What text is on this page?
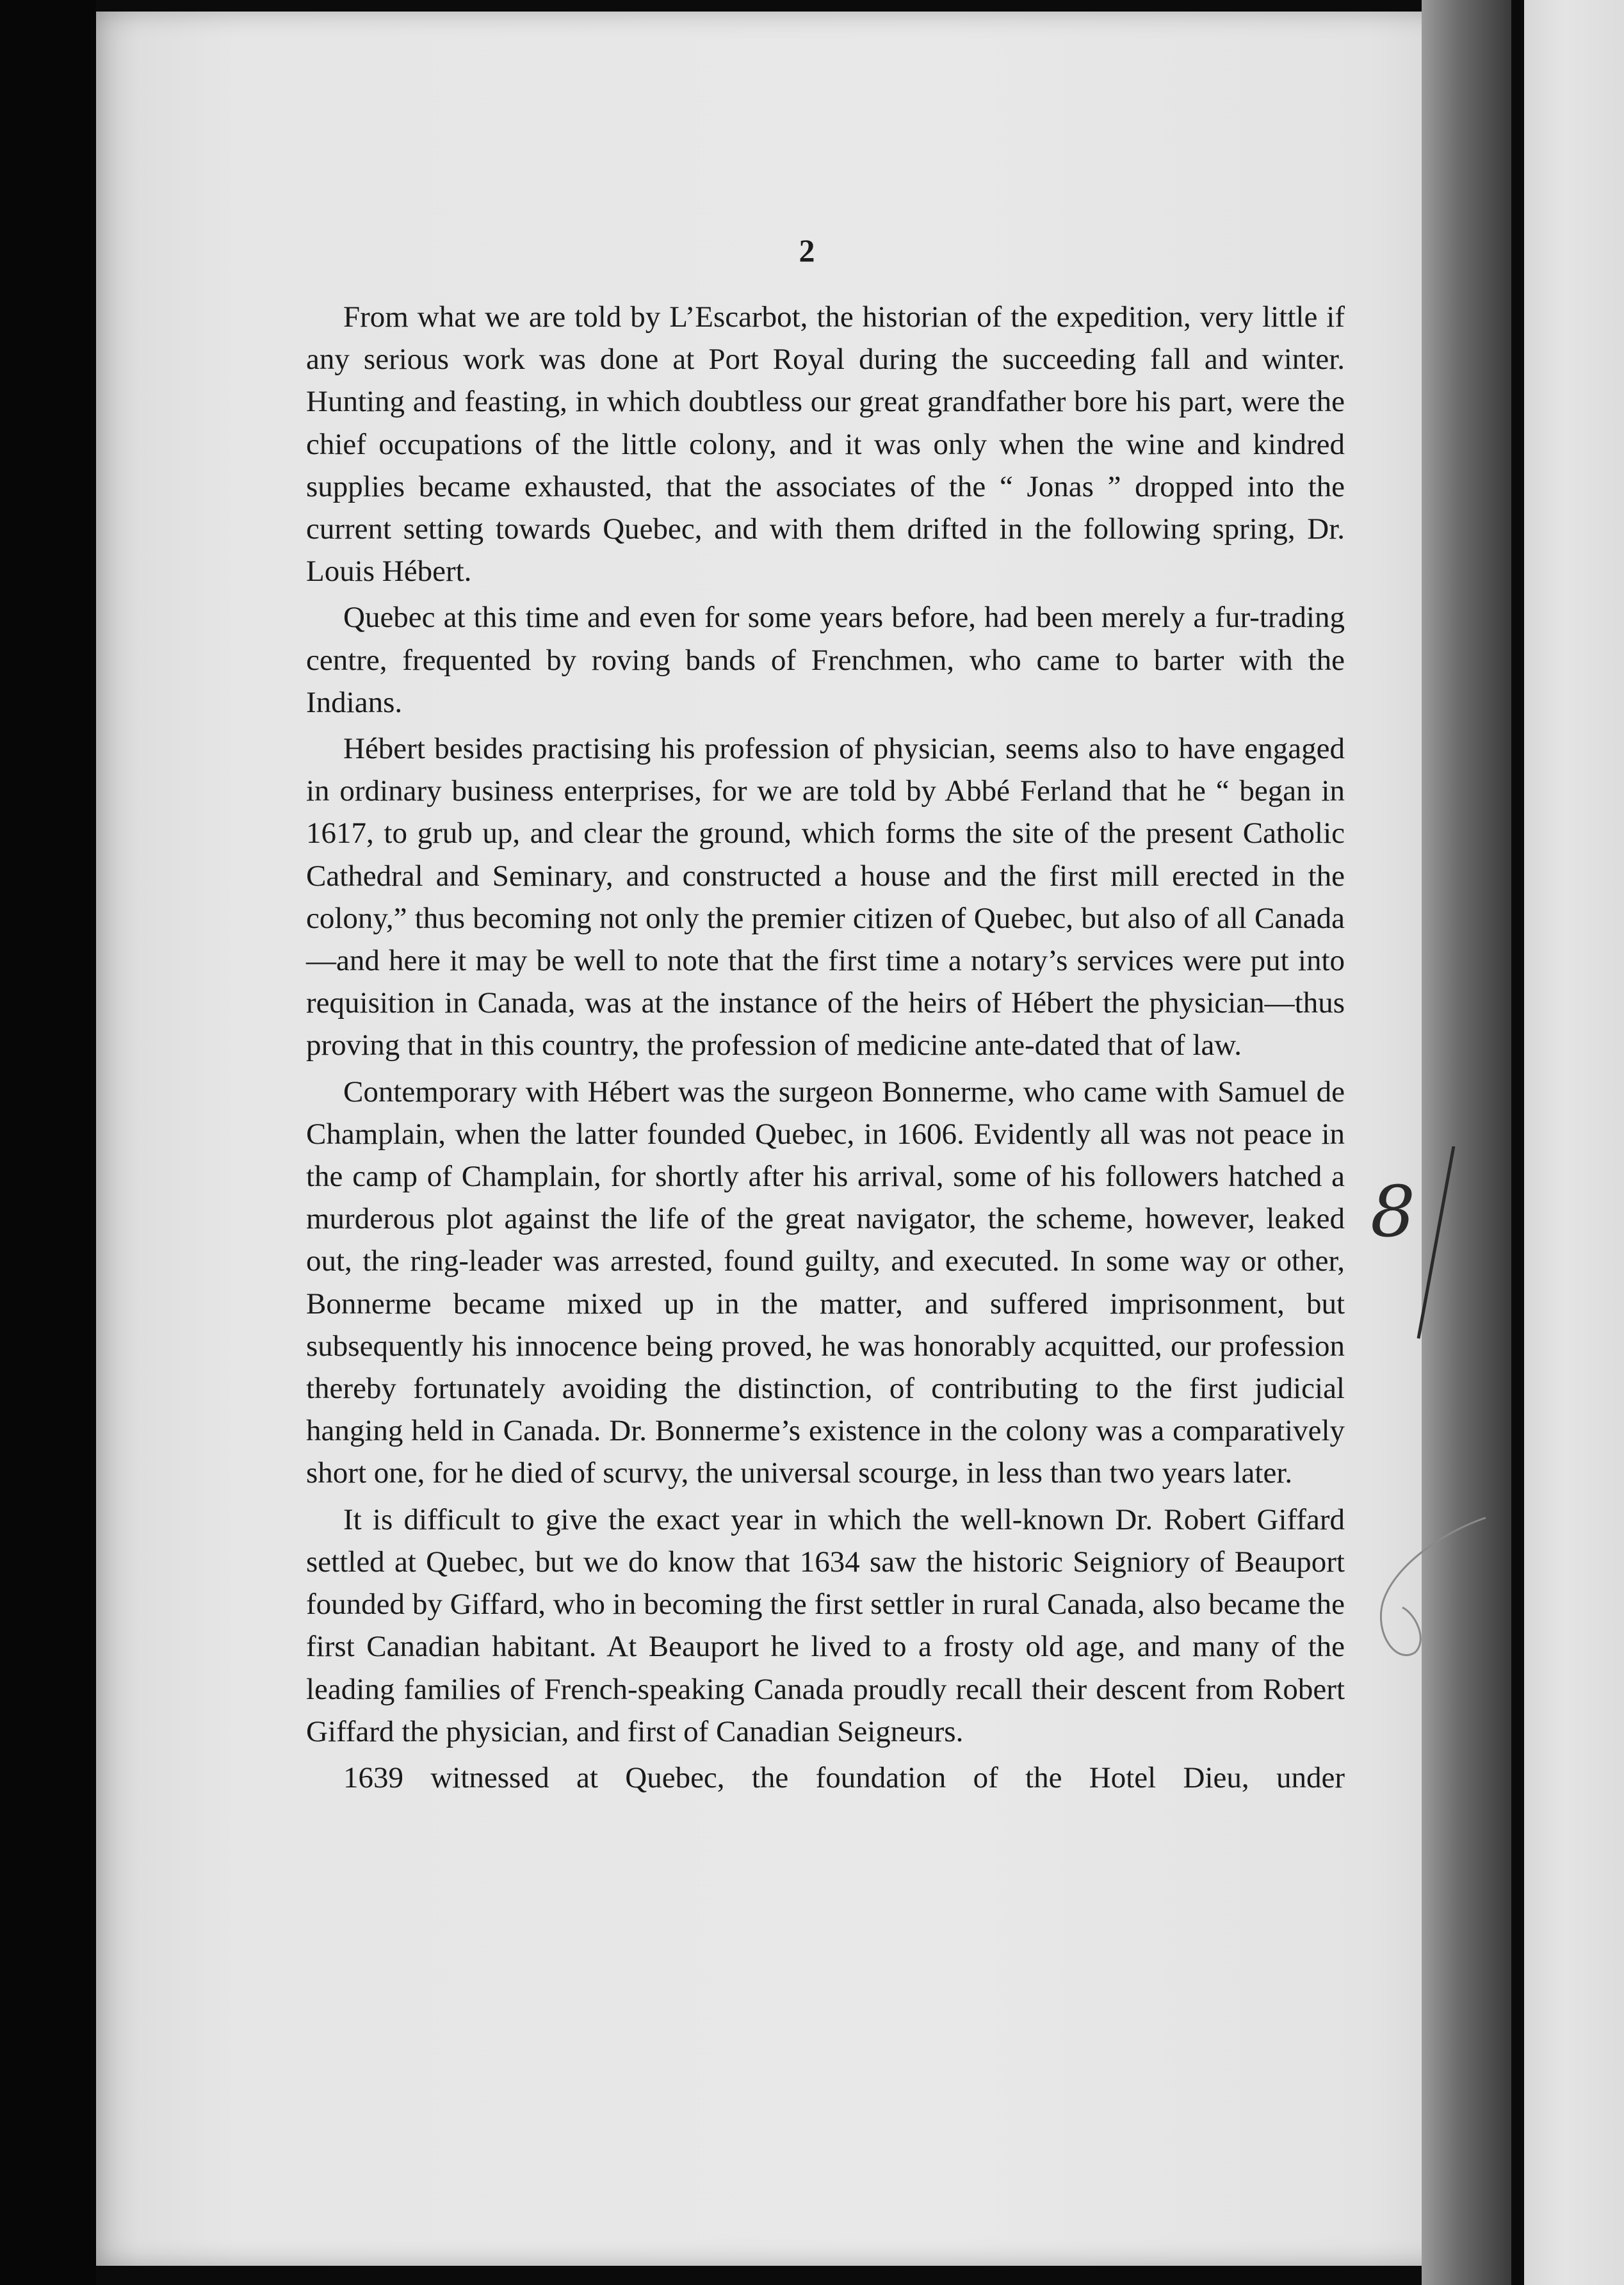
2

From what we are told by L’Escarbot, the historian of the expedition, very little if any serious work was done at Port Royal during the succeeding fall and winter. Hunting and feasting, in which doubtless our great grandfather bore his part, were the chief occupations of the little colony, and it was only when the wine and kindred supplies became exhausted, that the associates of the “ Jonas ” dropped into the current setting towards Quebec, and with them drifted in the following spring, Dr. Louis Hébert.

Quebec at this time and even for some years before, had been merely a fur-trading centre, frequented by roving bands of Frenchmen, who came to barter with the Indians.

Hébert besides practising his profession of physician, seems also to have engaged in ordinary business enterprises, for we are told by Abbé Ferland that he “ began in 1617, to grub up, and clear the ground, which forms the site of the present Catholic Cathedral and Seminary, and constructed a house and the first mill erected in the colony,” thus becoming not only the premier citizen of Quebec, but also of all Canada—and here it may be well to note that the first time a notary’s services were put into requisition in Canada, was at the instance of the heirs of Hébert the physician—thus proving that in this country, the profession of medicine ante-dated that of law.

Contemporary with Hébert was the surgeon Bonnerme, who came with Samuel de Champlain, when the latter founded Quebec, in 1606. Evidently all was not peace in the camp of Champlain, for shortly after his arrival, some of his followers hatched a murderous plot against the life of the great navigator, the scheme, however, leaked out, the ring-leader was arrested, found guilty, and executed. In some way or other, Bonnerme became mixed up in the matter, and suffered imprisonment, but subsequently his innocence being proved, he was honorably acquitted, our profession thereby fortunately avoiding the distinction, of contributing to the first judicial hanging held in Canada. Dr. Bonnerme’s existence in the colony was a comparatively short one, for he died of scurvy, the universal scourge, in less than two years later.

It is difficult to give the exact year in which the well-known Dr. Robert Giffard settled at Quebec, but we do know that 1634 saw the historic Seigniory of Beauport founded by Giffard, who in becoming the first settler in rural Canada, also became the first Canadian habitant. At Beauport he lived to a frosty old age, and many of the leading families of French-speaking Canada proudly recall their descent from Robert Giffard the physician, and first of Canadian Seigneurs.

1639 witnessed at Quebec, the foundation of the Hotel Dieu, under

8
